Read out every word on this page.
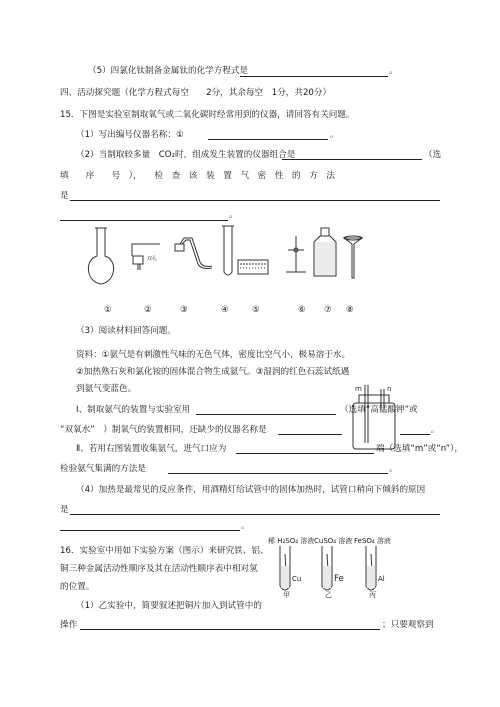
（5）四氯化钛制备金属钛的化学方程式是	。
四、活动探究题（化学方程式每空　　2分，其余每空　1分，共20分）
15．下图是实验室制取氧气或二氧化碳时经常用到的仪器，请回答有关问题。
（1）写出编号仪器名称：①	。
（2）当制取较多量　CO₂时，组成发生装置的仪器组合是	（选
填　　序　　号　），　　检　查　该　装　置　气　密　性　的　方　法
是
。
双孔
①	②	③	④	⑤	⑥ ⑦ ⑧
（3）阅读材料回答问题。
资料：①氨气是有刺激性气味的无色气体，密度比空气小，极易溶于水。
②加热熟石灰和氯化铵的固体混合物生成氨气。③湿润的红色石蕊试纸遇
到氨气变蓝色。	m	n
Ⅰ、制取氨气的装置与实验室用	（选填“高锰酸钾”或
“双氧水”　）制氧气的装置相同，还缺少的仪器名称是	。
Ⅱ、若用右图装置收集氨气，进气口应为	端（选填“m”或“n”），
检验氨气集满的方法是	。
（4）加热是最常见的反应条件，用酒精灯给试管中的固体加热时，试管口稍向下倾斜的原因
是
。
16．实验室中用如下实验方案（图示）来研究铁、铝、
铜三种金属活动性顺序及其在活动性顺序表中相对氢
的位置。
（1）乙实验中，简要叙述把铜片加入到试管中的
稀 H₂SO₄ 溶液 CuSO₄ 溶液 FeSO₄ 溶液
Cu	Fe	Al
甲	乙	丙
操作	；只要观察到
